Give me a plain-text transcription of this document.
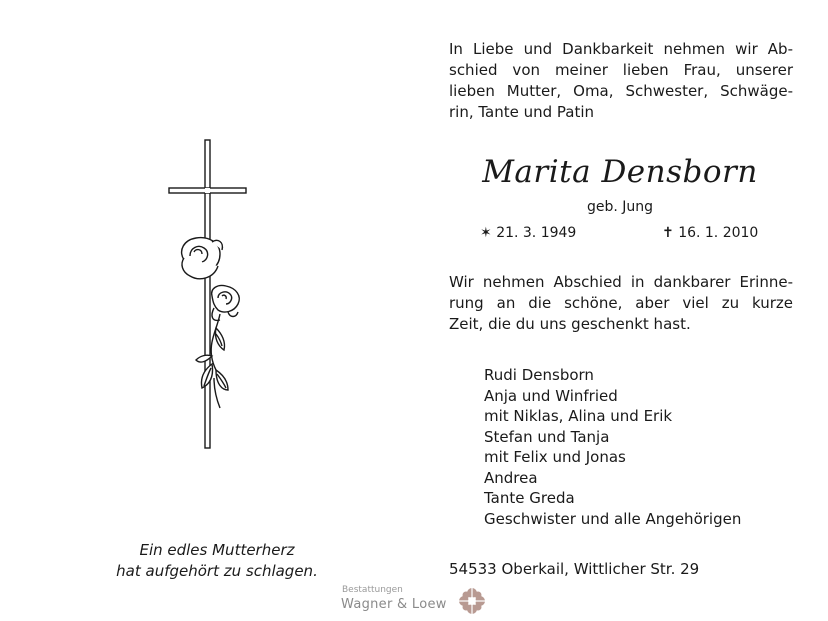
Ein edles Mutterherz
hat aufgehört zu schlagen.
In Liebe und Dankbarkeit nehmen wir Ab-
schied von meiner lieben Frau, unserer
lieben Mutter, Oma, Schwester, Schwäge-
rin, Tante und Patin
Marita Densborn
geb. Jung
✶ 21. 3. 1949	✝ 16. 1. 2010
Wir nehmen Abschied in dankbarer Erinne-
rung an die schöne, aber viel zu kurze
Zeit, die du uns geschenkt hast.
Rudi Densborn
Anja und Winfried
mit Niklas, Alina und Erik
Stefan und Tanja
mit Felix und Jonas
Andrea
Tante Greda
Geschwister und alle Angehörigen
54533 Oberkail, Wittlicher Str. 29
Bestattungen
Wagner & Loew
